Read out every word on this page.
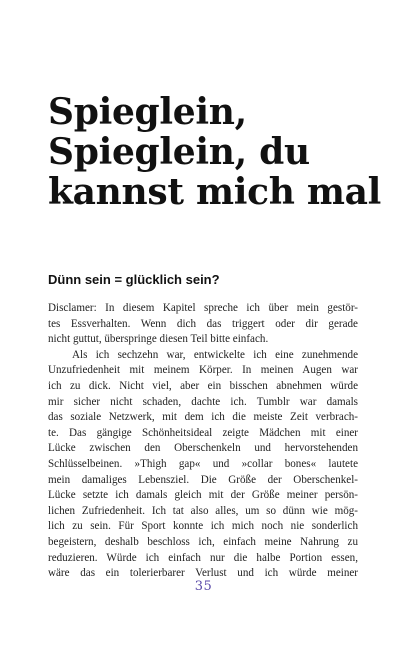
Spieglein,
Spieglein, du
kannst mich mal
Dünn sein = glücklich sein?
Disclamer: In diesem Kapitel spreche ich über mein gestör-
tes Essverhalten. Wenn dich das triggert oder dir gerade
nicht guttut, überspringe diesen Teil bitte einfach.
Als ich sechzehn war, entwickelte ich eine zunehmende
Unzufriedenheit mit meinem Körper. In meinen Augen war
ich zu dick. Nicht viel, aber ein bisschen abnehmen würde
mir sicher nicht schaden, dachte ich. Tumblr war damals
das soziale Netzwerk, mit dem ich die meiste Zeit verbrach-
te. Das gängige Schönheitsideal zeigte Mädchen mit einer
Lücke zwischen den Oberschenkeln und hervorstehenden
Schlüsselbeinen. »Thigh gap« und »collar bones« lautete
mein damaliges Lebensziel. Die Größe der Oberschenkel-
Lücke setzte ich damals gleich mit der Größe meiner persön-
lichen Zufriedenheit. Ich tat also alles, um so dünn wie mög-
lich zu sein. Für Sport konnte ich mich noch nie sonderlich
begeistern, deshalb beschloss ich, einfach meine Nahrung zu
reduzieren. Würde ich einfach nur die halbe Portion essen,
wäre das ein tolerierbarer Verlust und ich würde meiner
35
